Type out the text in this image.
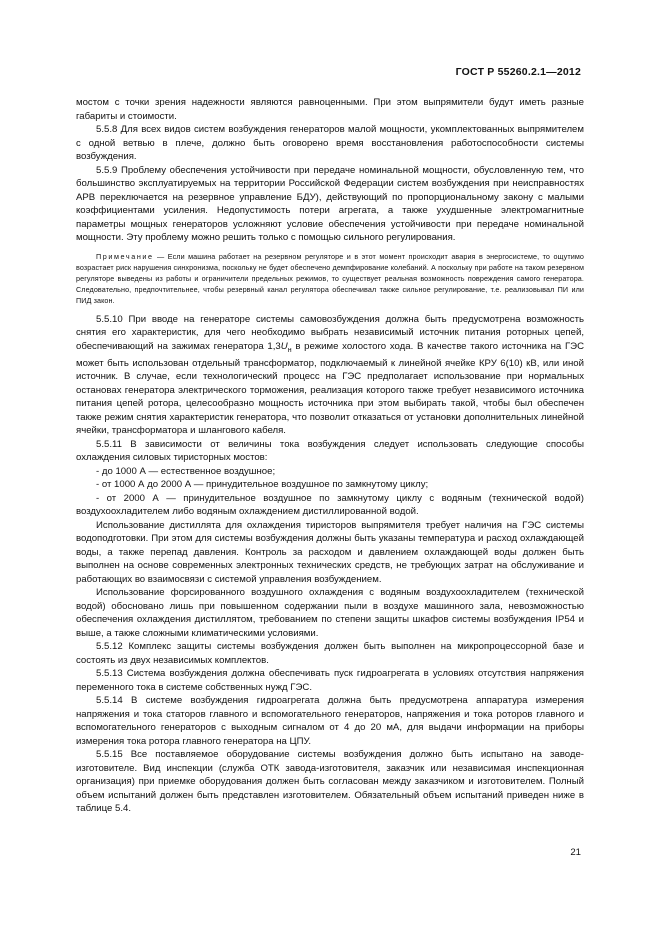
ГОСТ Р 55260.2.1—2012

мостом с точки зрения надежности являются равноценными. При этом выпрямители будут иметь разные габариты и стоимости.

5.5.8 Для всех видов систем возбуждения генераторов малой мощности, укомплектованных выпрямителем с одной ветвью в плече, должно быть оговорено время восстановления работоспособности системы возбуждения.

5.5.9 Проблему обеспечения устойчивости при передаче номинальной мощности, обусловленную тем, что большинство эксплуатируемых на территории Российской Федерации систем возбуждения при неисправностях АРВ переключается на резервное управление БДУ), действующий по пропорциональному закону с малыми коэффициентами усиления. Недопустимость потери агрегата, а также ухудшенные электромагнитные параметры мощных генераторов усложняют условие обеспечения устойчивости при передаче номинальной мощности. Эту проблему можно решить только с помощью сильного регулирования.

Примечание — Если машина работает на резервном регуляторе и в этот момент происходит авария в энергосистеме, то ощутимо возрастает риск нарушения синхронизма, поскольку не будет обеспечено демпфирование колебаний. А поскольку при работе на таком резервном регуляторе выведены из работы и ограничители предельных режимов, то существует реальная возможность повреждения самого генератора. Следовательно, предпочтительнее, чтобы резервный канал регулятора обеспечивал также сильное регулирование, т.е. реализовывал ПИ или ПИД закон.

5.5.10 При вводе на генераторе системы самовозбуждения должна быть предусмотрена возможность снятия его характеристик, для чего необходимо выбрать независимый источник питания роторных цепей, обеспечивающий на зажимах генератора $1,3U_н$ в режиме холостого хода. В качестве такого источника на ГЭС может быть использован отдельный трансформатор, подключаемый к линейной ячейке КРУ 6(10) кВ, или иной источник. В случае, если технологический процесс на ГЭС предполагает использование при нормальных остановах генератора электрического торможения, реализация которого также требует независимого источника питания цепей ротора, целесообразно мощность источника при этом выбирать такой, чтобы был обеспечен также режим снятия характеристик генератора, что позволит отказаться от установки дополнительных линейной ячейки, трансформатора и шлангового кабеля.

5.5.11 В зависимости от величины тока возбуждения следует использовать следующие способы охлаждения силовых тиристорных мостов:

- до 1000 А — естественное воздушное;

- от 1000 А до 2000 А — принудительное воздушное по замкнутому циклу;

- от 2000 А — принудительное воздушное по замкнутому циклу с водяным (технической водой) воздухоохладителем либо водяным охлаждением дистиллированной водой.

Использование дистиллята для охлаждения тиристоров выпрямителя требует наличия на ГЭС системы водоподготовки. При этом для системы возбуждения должны быть указаны температура и расход охлаждающей воды, а также перепад давления. Контроль за расходом и давлением охлаждающей воды должен быть выполнен на основе современных электронных технических средств, не требующих затрат на обслуживание и работающих во взаимосвязи с системой управления возбуждением.

Использование форсированного воздушного охлаждения с водяным воздухоохладителем (технической водой) обосновано лишь при повышенном содержании пыли в воздухе машинного зала, невозможностью обеспечения охлаждения дистиллятом, требованием по степени защиты шкафов системы возбуждения IP54 и выше, а также сложными климатическими условиями.

5.5.12 Комплекс защиты системы возбуждения должен быть выполнен на микропроцессорной базе и состоять из двух независимых комплектов.

5.5.13 Система возбуждения должна обеспечивать пуск гидроагрегата в условиях отсутствия напряжения переменного тока в системе собственных нужд ГЭС.

5.5.14 В системе возбуждения гидроагрегата должна быть предусмотрена аппаратура измерения напряжения и тока статоров главного и вспомогательного генераторов, напряжения и тока роторов главного и вспомогательного генераторов с выходным сигналом от 4 до 20 мА, для выдачи информации на приборы измерения тока ротора главного генератора на ЦПУ.

5.5.15 Все поставляемое оборудование системы возбуждения должно быть испытано на заводе-изготовителе. Вид инспекции (служба ОТК завода-изготовителя, заказчик или независимая инспекционная организация) при приемке оборудования должен быть согласован между заказчиком и изготовителем. Полный объем испытаний должен быть представлен изготовителем. Обязательный объем испытаний приведен ниже в таблице 5.4.

21
